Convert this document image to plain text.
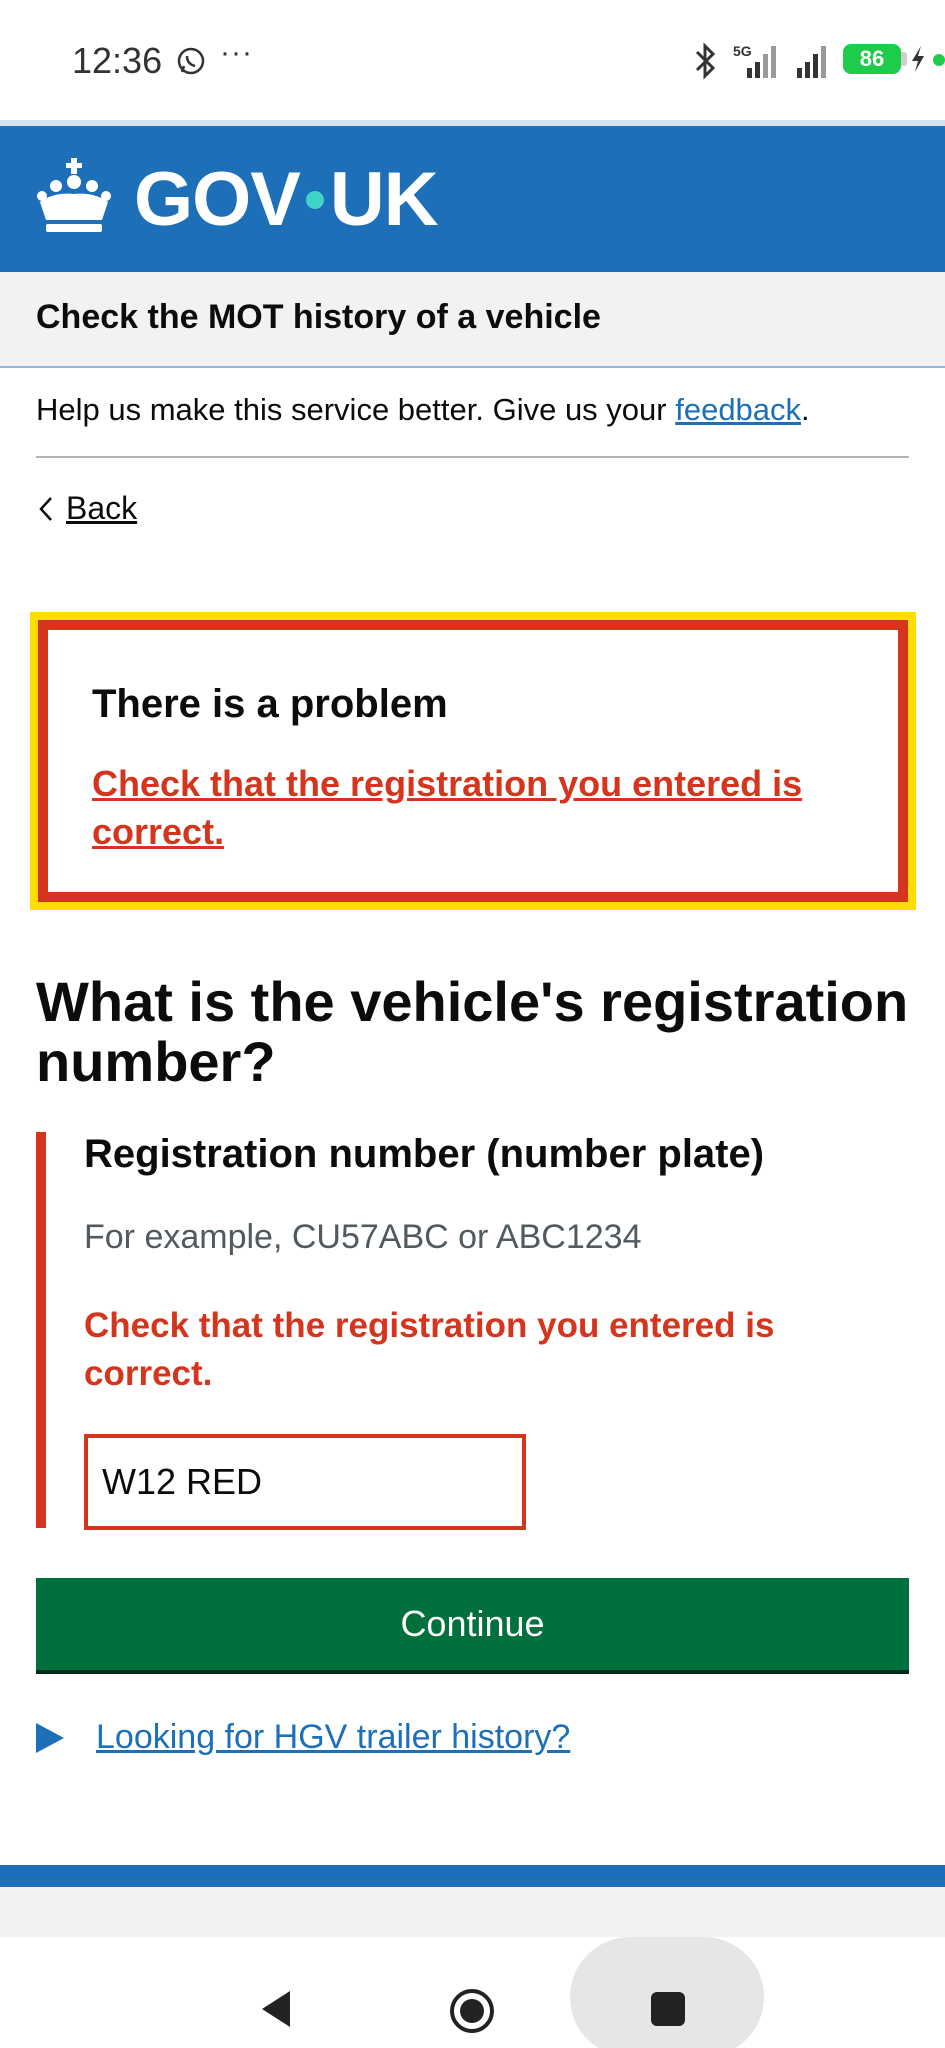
12:36 ···	5G	86
GOV UK
Check the MOT history of a vehicle
Help us make this service better. Give us your feedback.
Back
There is a problem
Check that the registration you entered is correct.
What is the vehicle's registration number?
Registration number (number plate)
For example, CU57ABC or ABC1234
Check that the registration you entered is correct.
W12 RED
Continue
Looking for HGV trailer history?
